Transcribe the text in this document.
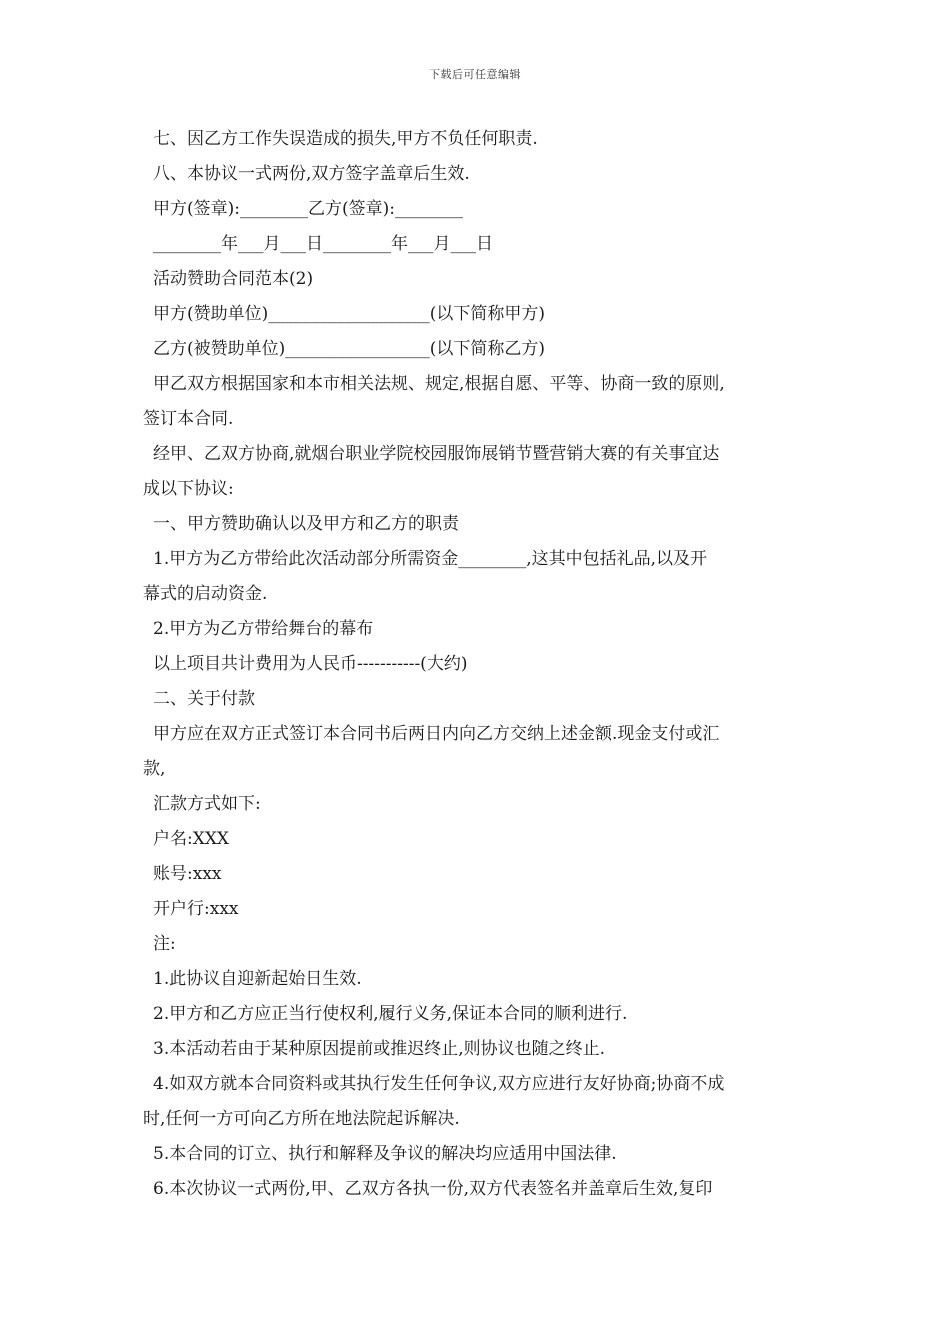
下载后可任意编辑
七、因乙方工作失误造成的损失,甲方不负任何职责.
八、本协议一式两份,双方签字盖章后生效.
甲方(签章):________乙方(签章):________
________年___月___日________年___月___日
活动赞助合同范本(2)
甲方(赞助单位)___________________(以下简称甲方)
乙方(被赞助单位)_________________(以下简称乙方)
甲乙双方根据国家和本市相关法规、规定,根据自愿、平等、协商一致的原则,
签订本合同.
经甲、乙双方协商,就烟台职业学院校园服饰展销节暨营销大赛的有关事宜达
成以下协议:
一、甲方赞助确认以及甲方和乙方的职责
1.甲方为乙方带给此次活动部分所需资金________,这其中包括礼品,以及开
幕式的启动资金.
2.甲方为乙方带给舞台的幕布
以上项目共计费用为人民币-----------(大约)
二、关于付款
甲方应在双方正式签订本合同书后两日内向乙方交纳上述金额.现金支付或汇
款,
汇款方式如下:
户名:XXX
账号:xxx
开户行:xxx
注:
1.此协议自迎新起始日生效.
2.甲方和乙方应正当行使权利,履行义务,保证本合同的顺利进行.
3.本活动若由于某种原因提前或推迟终止,则协议也随之终止.
4.如双方就本合同资料或其执行发生任何争议,双方应进行友好协商;协商不成
时,任何一方可向乙方所在地法院起诉解决.
5.本合同的订立、执行和解释及争议的解决均应适用中国法律.
6.本次协议一式两份,甲、乙双方各执一份,双方代表签名并盖章后生效,复印
